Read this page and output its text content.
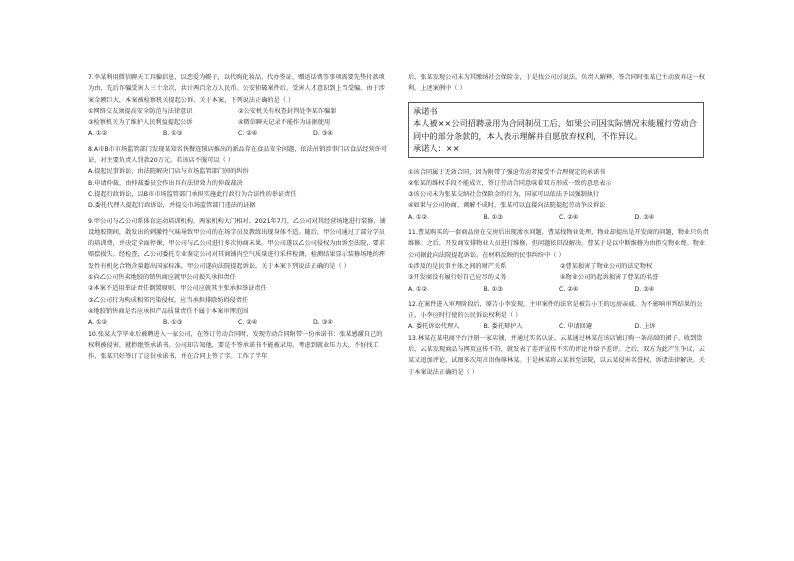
7.李某利用微信聊天工具骗信息，以恋爱为幌子，以代购化妆品、代办签证、赠送话费等事项需要先垫付款项为由，先后诈骗受害人三十余次，共计两百余万人民币。公安侦破案件后，受害人才意识到上当受骗。由于涉案金额巨大，本案被检察机关提起公诉。关于本案，下列说法正确的是（ ）

①网络交友须提高安全防范与法律意识	②公安机关有权查封判处李某诈骗罪

③检察机关为了维护人民利益提起公诉	④微信聊天记录不能作为证据使用

A. ①②	B. ①③	C. ②④	D. ③④

8.A市B市市场监管部门发现某知名快餐连锁店推出的新品存在食品安全问题，依法吊销涉事门店食品经营许可证，对主要负责人罚款20万元。若该店不服可以（ ）

A.提起民事诉讼，由法院解决门店与市场监管部门间的纠纷

B.申请仲裁，由仲裁委员会作出具有法律效力的仲裁裁决

C.提起行政诉讼，以B市市场监管部门承担实施此行政行为合法性的举证责任

D.委托代理人提起行政诉讼，并提交市场监管部门违法的证据

9.甲公司与乙公司系体育运动培训机构，两家机构大门相对。2021年7月，乙公司对其经营场地进行装修，铺设地胶期间，散发出的刺激性气味导致甲公司的在场学员及教练出现身体不适。随后，甲公司通过了部分学员的培训费，并决定全面停课，甲公司与乙公司进行多次协商未果。甲公司遂以乙公司侵权为由诉至法院，要求赔偿损失。经检查，乙公司委托专业鉴定公司对其商铺内空气质量进行采样检测，检测结果显示装修场地的挥发性有机化合物含量超出国家标准。甲公司遂向法院提起诉讼。关于本案下列说法正确的是（ ）

①向乙公司售卖地胶的销售商应就甲公司损失承担责任

②本案不适用举证责任倒置原则，甲公司应就其主张承担举证责任

③乙公司行为构成相邻污染侵权，应当承担排除妨碍侵责任

④地胶销售商是否应承担产品质量责任不属于本案审理范围

A. ①②	B. ①③	C. ②④	D. ③④

10.张某大学毕业后被聘进入一家公司，在签订劳动合同时，发现劳动合同附带一份承诺书：张某感激自己的权利被侵害，就拒绝签承诺书。公司却告知他，要是不签承诺书不能被录用。考虑到就业压力大，不好找工作，张某只好签订了这份承诺书，并在合同上签了字。工作了半年

后，张某发现公司未为其缴纳社会保险金，于是找公司讨说法。负责人解释，签合同时张某已主动放弃这一权利。上述案例中（ ）

承诺书

本人被××公司招聘录用为合同制员工后，如果公司因实际情况未能履行劳动合同中的部分条款的，本人表示理解并自愿放弃权利，不作异议。

承诺人：××

①该合同属于无效合同，因为附带了强迫劳动者接受不合理规定的承诺书

②张某的维权手段不能成立，签订劳动合同意味着双方形成一致的意思表示

③该公司未为张某交纳社会保险金的行为，国家可以依法予以强制执行

④如果与公司协商、调解不成时，张某可以直接向法院提起劳动争议诉讼

A. ①②	B. ①③	C. ②④	D. ③④

11.曹某购买的一套商品房在交房后出现渗水问题，曹某找物业处理，物业却提出是开发商的问题，物业只负责维修。之后，开发商安排物业人员进行维修，但问题依旧没解决。曹某于是以中断维修为由拒交物业费。物业公司据此向法院提起诉讼。在材料反映的民事纠纷中（ ）

①涉及的是民事主体之间的财产关系	②曹某损害了物业公司的法定物权

③开发商没有履行好自己应尽的义务	④物业公司的起诉损害了曹某的名誉

A. ①②	B. ①③	C. ②④	D. ③④

12.在案件进入审理阶段后，原告小李发现，主审案件的法官是被告小王的远房亲戚。为不影响审判结果的公正，小李应时行使的公民诉讼权利是（ ）

A. 委托诉讼代理人	B. 委托辩护人	C. 申请回避	D. 上诉

13.林某在某电商平台注册一家店铺，并通过实名认证。云某通过林某在该店铺订购一条高端的裙子。收到货后，云某发现商品与网页宣传不符，就发表了差评宣传不实的评论并给予差评。之后，双方为此产生争议，云某又追加评论，试图多次用言语侮辱林某。于是林某将云某诉至法院，以云某侵害名誉权，诉诸法律解决。关于本案说法正确的是（ ）
